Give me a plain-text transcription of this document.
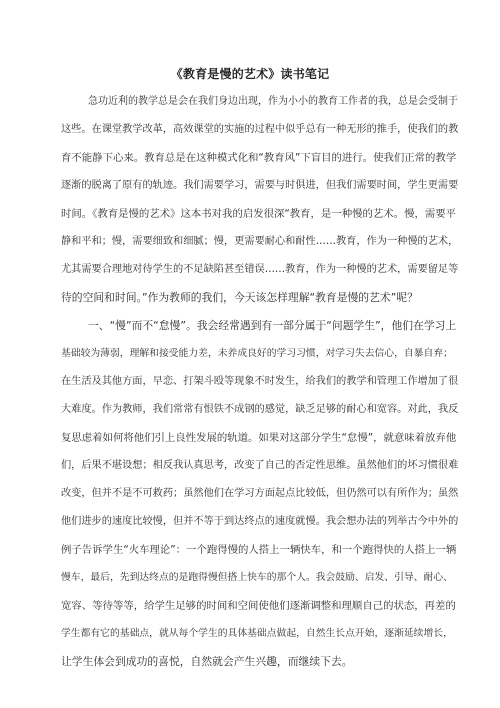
《教育是慢的艺术》读书笔记
急功近利的教学总是会在我们身边出现，作为小小的教育工作者的我，总是会受制于
这些。在课堂教学改革，高效课堂的实施的过程中似乎总有一种无形的推手，使我们的教
育不能静下心来。教育总是在这种模式化和“教育风”下盲目的进行。使我们正常的教学
逐渐的脱离了原有的轨迹。我们需要学习，需要与时俱进，但我们需要时间，学生更需要
时间。《教育是慢的艺术》这本书对我的启发很深“教育，是一种慢的艺术。慢，需要平
静和平和；慢，需要细致和细腻；慢，更需要耐心和耐性……教育，作为一种慢的艺术，
尤其需要合理地对待学生的不足缺陷甚至错误……教育，作为一种慢的艺术，需要留足等
待的空间和时间。”作为教师的我们，今天该怎样理解“教育是慢的艺术”呢？
一、“慢”而不“怠慢”。我会经常遇到有一部分属于“问题学生”，他们在学习上
基础较为薄弱，理解和接受能力差，未养成良好的学习习惯，对学习失去信心，自暴自弃；
在生活及其他方面，早恋、打架斗殴等现象不时发生，给我们的教学和管理工作增加了很
大难度。作为教师，我们常常有恨铁不成钢的感觉，缺乏足够的耐心和宽容。对此，我反
复思虑着如何将他们引上良性发展的轨道。如果对这部分学生“怠慢”，就意味着放弃他
们，后果不堪设想；相反我认真思考，改变了自己的否定性思维。虽然他们的坏习惯很难
改变，但并不是不可救药；虽然他们在学习方面起点比较低，但仍然可以有所作为；虽然
他们进步的速度比较慢，但并不等于到达终点的速度就慢。我会想办法的列举古今中外的
例子告诉学生“火车理论”：一个跑得慢的人搭上一辆快车，和一个跑得快的人搭上一辆
慢车，最后，先到达终点的是跑得慢但搭上快车的那个人。我会鼓励、启发、引导、耐心、
宽容、等待等等，给学生足够的时间和空间使他们逐渐调整和理顺自己的状态，再差的
学生都有它的基础点，就从每个学生的具体基础点做起，自然生长点开始，逐渐延续增长，
让学生体会到成功的喜悦，自然就会产生兴趣，而继续下去。
